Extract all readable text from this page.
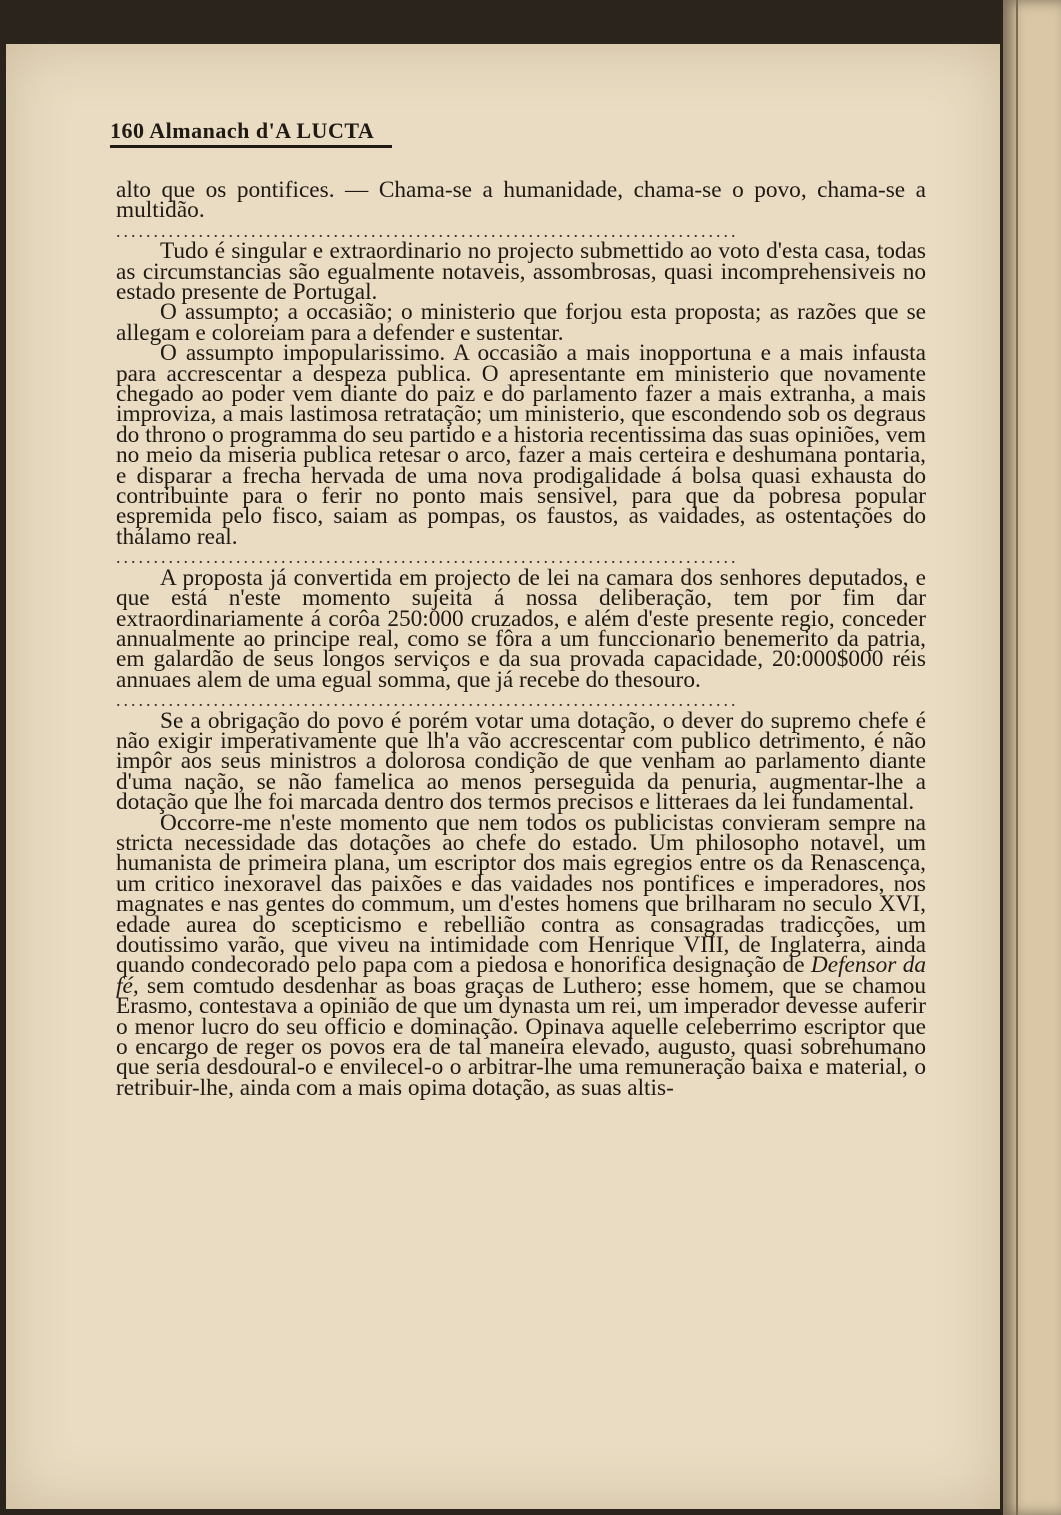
160 Almanach d'A LUCTA

alto que os pontifices. — Chama-se a humanidade, chama-se o povo, chama-se a multidão.

...................................................................................

Tudo é singular e extraordinario no projecto submettido ao voto d'esta casa, todas as circumstancias são egualmente notaveis, assombrosas, quasi incomprehensiveis no estado presente de Portugal.

O assumpto; a occasião; o ministerio que forjou esta proposta; as razões que se allegam e coloreiam para a defender e sustentar.

O assumpto impopularissimo. A occasião a mais inopportuna e a mais infausta para accrescentar a despeza publica. O apresentante em ministerio que novamente chegado ao poder vem diante do paiz e do parlamento fazer a mais extranha, a mais improviza, a mais lastimosa retratação; um ministerio, que escondendo sob os degraus do throno o programma do seu partido e a historia recentissima das suas opiniões, vem no meio da miseria publica retesar o arco, fazer a mais certeira e deshumana pontaria, e disparar a frecha hervada de uma nova prodigalidade á bolsa quasi exhausta do contribuinte para o ferir no ponto mais sensivel, para que da pobresa popular espremida pelo fisco, saiam as pompas, os faustos, as vaidades, as ostentações do thálamo real.

...................................................................................

A proposta já convertida em projecto de lei na camara dos senhores deputados, e que está n'este momento sujeita á nossa deliberação, tem por fim dar extraordinariamente á corôa 250:000 cruzados, e além d'este presente regio, conceder annualmente ao principe real, como se fôra a um funccionario benemerito da patria, em galardão de seus longos serviços e da sua provada capacidade, 20:000$000 réis annuaes alem de uma egual somma, que já recebe do thesouro.

...................................................................................

Se a obrigação do povo é porém votar uma dotação, o dever do supremo chefe é não exigir imperativamente que lh'a vão accrescentar com publico detrimento, é não impôr aos seus ministros a dolorosa condição de que venham ao parlamento diante d'uma nação, se não famelica ao menos perseguida da penuria, augmentar-lhe a dotação que lhe foi marcada dentro dos termos precisos e litteraes da lei fundamental.

Occorre-me n'este momento que nem todos os publicistas convieram sempre na stricta necessidade das dotações ao chefe do estado. Um philosopho notavel, um humanista de primeira plana, um escriptor dos mais egregios entre os da Renascença, um critico inexoravel das paixões e das vaidades nos pontifices e imperadores, nos magnates e nas gentes do commum, um d'estes homens que brilharam no seculo XVI, edade aurea do scepticismo e rebellião contra as consagradas tradicções, um doutissimo varão, que viveu na intimidade com Henrique VIII, de Inglaterra, ainda quando condecorado pelo papa com a piedosa e honorifica designação de Defensor da fé, sem comtudo desdenhar as boas graças de Luthero; esse homem, que se chamou Erasmo, contestava a opinião de que um dynasta um rei, um imperador devesse auferir o menor lucro do seu officio e dominação. Opinava aquelle celeberrimo escriptor que o encargo de reger os povos era de tal maneira elevado, augusto, quasi sobrehumano que seria desdoural-o e envilecel-o o arbitrar-lhe uma remuneração baixa e material, o retribuir-lhe, ainda com a mais opima dotação, as suas altis-
